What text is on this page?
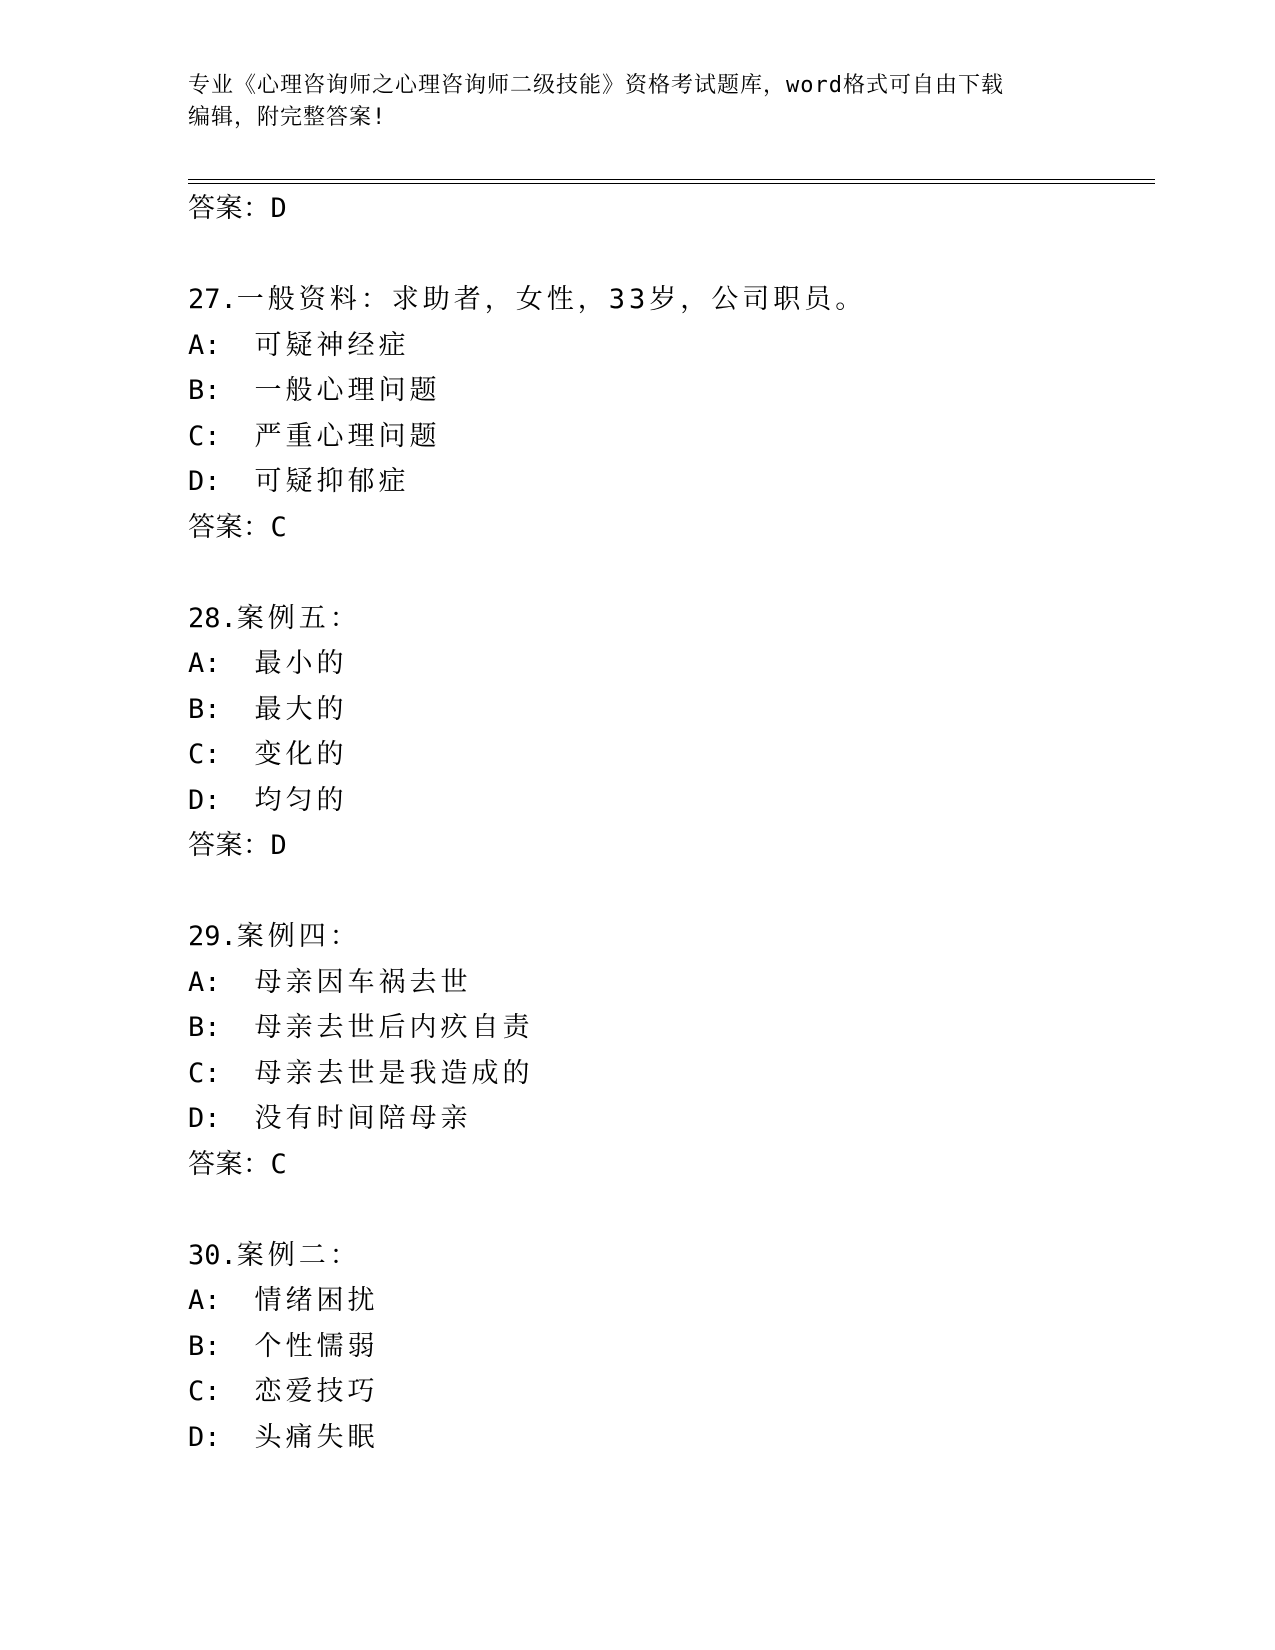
专业《心理咨询师之心理咨询师二级技能》资格考试题库，word格式可自由下载
编辑，附完整答案!
答案：D
27.一般资料：求助者，女性，33岁，公司职员。
A: 可疑神经症
B: 一般心理问题
C: 严重心理问题
D: 可疑抑郁症
答案：C
28.案例五：
A: 最小的
B: 最大的
C: 变化的
D: 均匀的
答案：D
29.案例四：
A: 母亲因车祸去世
B: 母亲去世后内疚自责
C: 母亲去世是我造成的
D: 没有时间陪母亲
答案：C
30.案例二：
A: 情绪困扰
B: 个性懦弱
C: 恋爱技巧
D: 头痛失眠
